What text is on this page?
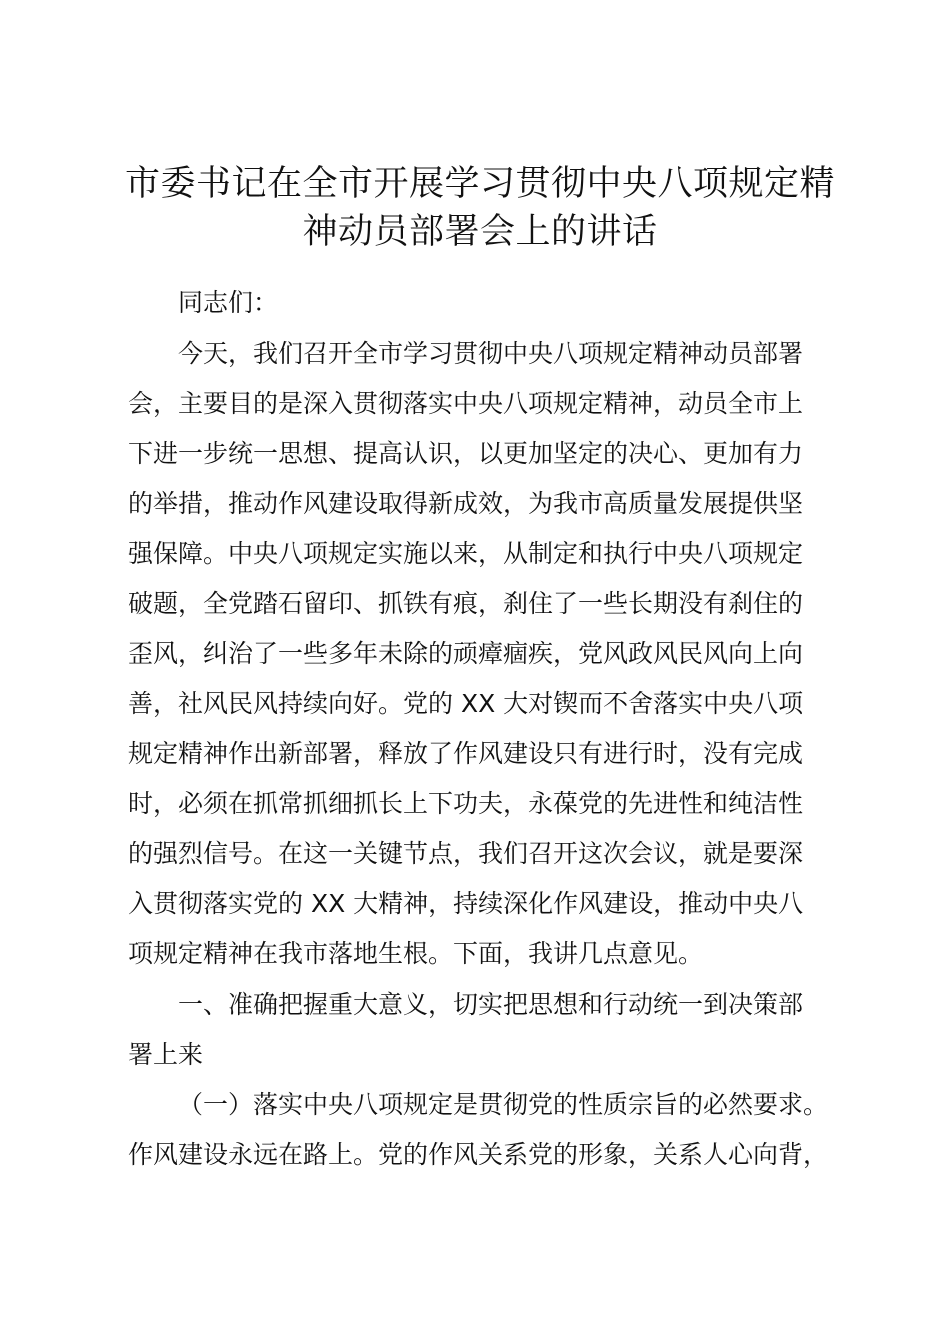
市委书记在全市开展学习贯彻中央八项规定精
神动员部署会上的讲话
同志们：
今天，我们召开全市学习贯彻中央八项规定精神动员部署
会，主要目的是深入贯彻落实中央八项规定精神，动员全市上
下进一步统一思想、提高认识，以更加坚定的决心、更加有力
的举措，推动作风建设取得新成效，为我市高质量发展提供坚
强保障。中央八项规定实施以来，从制定和执行中央八项规定
破题，全党踏石留印、抓铁有痕，刹住了一些长期没有刹住的
歪风，纠治了一些多年未除的顽瘴痼疾，党风政风民风向上向
善，社风民风持续向好。党的 XX 大对锲而不舍落实中央八项
规定精神作出新部署，释放了作风建设只有进行时，没有完成
时，必须在抓常抓细抓长上下功夫，永葆党的先进性和纯洁性
的强烈信号。在这一关键节点，我们召开这次会议，就是要深
入贯彻落实党的 XX 大精神，持续深化作风建设，推动中央八
项规定精神在我市落地生根。下面，我讲几点意见。
一、准确把握重大意义，切实把思想和行动统一到决策部
署上来
（一）落实中央八项规定是贯彻党的性质宗旨的必然要求。
作风建设永远在路上。党的作风关系党的形象，关系人心向背，
